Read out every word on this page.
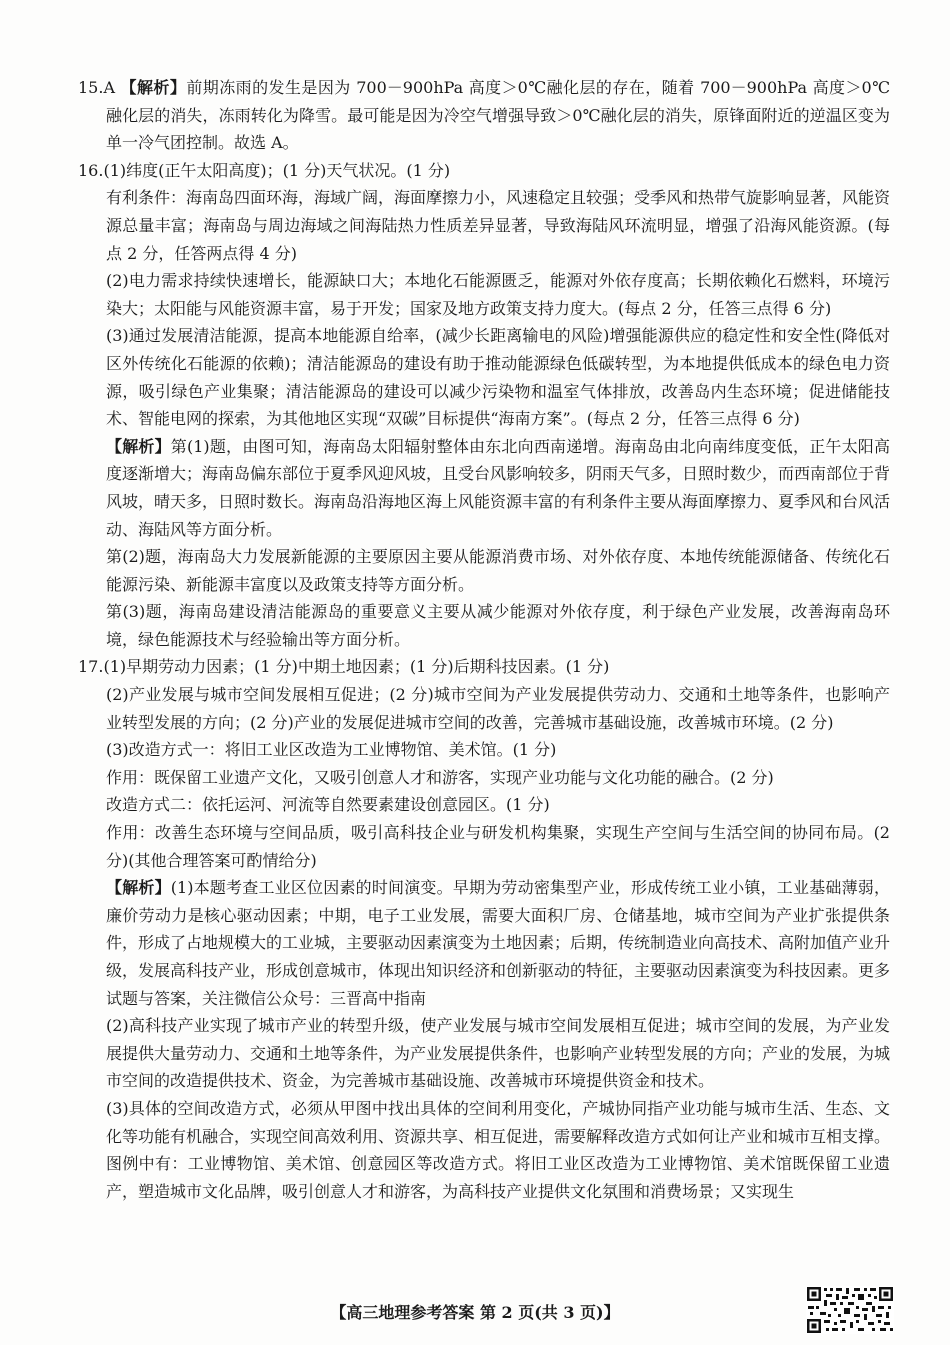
15.A 【解析】前期冻雨的发生是因为 700－900hPa 高度＞0℃融化层的存在，随着 700－900hPa 高度＞0℃融化层的消失，冻雨转化为降雪。最可能是因为冷空气增强导致＞0℃融化层的消失，原锋面附近的逆温区变为单一冷气团控制。故选 A。

16.(1)纬度(正午太阳高度)；(1 分)天气状况。(1 分)

有利条件：海南岛四面环海，海域广阔，海面摩擦力小，风速稳定且较强；受季风和热带气旋影响显著，风能资源总量丰富；海南岛与周边海域之间海陆热力性质差异显著，导致海陆风环流明显，增强了沿海风能资源。(每点 2 分，任答两点得 4 分)

(2)电力需求持续快速增长，能源缺口大；本地化石能源匮乏，能源对外依存度高；长期依赖化石燃料，环境污染大；太阳能与风能资源丰富，易于开发；国家及地方政策支持力度大。(每点 2 分，任答三点得 6 分)

(3)通过发展清洁能源，提高本地能源自给率，(减少长距离输电的风险)增强能源供应的稳定性和安全性(降低对区外传统化石能源的依赖)；清洁能源岛的建设有助于推动能源绿色低碳转型，为本地提供低成本的绿色电力资源，吸引绿色产业集聚；清洁能源岛的建设可以减少污染物和温室气体排放，改善岛内生态环境；促进储能技术、智能电网的探索，为其他地区实现“双碳”目标提供“海南方案”。(每点 2 分，任答三点得 6 分)

【解析】第(1)题，由图可知，海南岛太阳辐射整体由东北向西南递增。海南岛由北向南纬度变低，正午太阳高度逐渐增大；海南岛偏东部位于夏季风迎风坡，且受台风影响较多，阴雨天气多，日照时数少，而西南部位于背风坡，晴天多，日照时数长。海南岛沿海地区海上风能资源丰富的有利条件主要从海面摩擦力、夏季风和台风活动、海陆风等方面分析。

第(2)题，海南岛大力发展新能源的主要原因主要从能源消费市场、对外依存度、本地传统能源储备、传统化石能源污染、新能源丰富度以及政策支持等方面分析。

第(3)题，海南岛建设清洁能源岛的重要意义主要从减少能源对外依存度，利于绿色产业发展，改善海南岛环境，绿色能源技术与经验输出等方面分析。

17.(1)早期劳动力因素；(1 分)中期土地因素；(1 分)后期科技因素。(1 分)

(2)产业发展与城市空间发展相互促进；(2 分)城市空间为产业发展提供劳动力、交通和土地等条件，也影响产业转型发展的方向；(2 分)产业的发展促进城市空间的改善，完善城市基础设施，改善城市环境。(2 分)

(3)改造方式一：将旧工业区改造为工业博物馆、美术馆。(1 分)

作用：既保留工业遗产文化，又吸引创意人才和游客，实现产业功能与文化功能的融合。(2 分)

改造方式二：依托运河、河流等自然要素建设创意园区。(1 分)

作用：改善生态环境与空间品质，吸引高科技企业与研发机构集聚，实现生产空间与生活空间的协同布局。(2 分)(其他合理答案可酌情给分)

【解析】(1)本题考查工业区位因素的时间演变。早期为劳动密集型产业，形成传统工业小镇，工业基础薄弱，廉价劳动力是核心驱动因素；中期，电子工业发展，需要大面积厂房、仓储基地，城市空间为产业扩张提供条件，形成了占地规模大的工业城，主要驱动因素演变为土地因素；后期，传统制造业向高技术、高附加值产业升级，发展高科技产业，形成创意城市，体现出知识经济和创新驱动的特征，主要驱动因素演变为科技因素。更多试题与答案，关注微信公众号：三晋高中指南

(2)高科技产业实现了城市产业的转型升级，使产业发展与城市空间发展相互促进；城市空间的发展，为产业发展提供大量劳动力、交通和土地等条件，为产业发展提供条件，也影响产业转型发展的方向；产业的发展，为城市空间的改造提供技术、资金，为完善城市基础设施、改善城市环境提供资金和技术。

(3)具体的空间改造方式，必须从甲图中找出具体的空间利用变化，产城协同指产业功能与城市生活、生态、文化等功能有机融合，实现空间高效利用、资源共享、相互促进，需要解释改造方式如何让产业和城市互相支撑。图例中有：工业博物馆、美术馆、创意园区等改造方式。将旧工业区改造为工业博物馆、美术馆既保留工业遗产，塑造城市文化品牌，吸引创意人才和游客，为高科技产业提供文化氛围和消费场景；又实现生

【高三地理参考答案 第 2 页(共 3 页)】
